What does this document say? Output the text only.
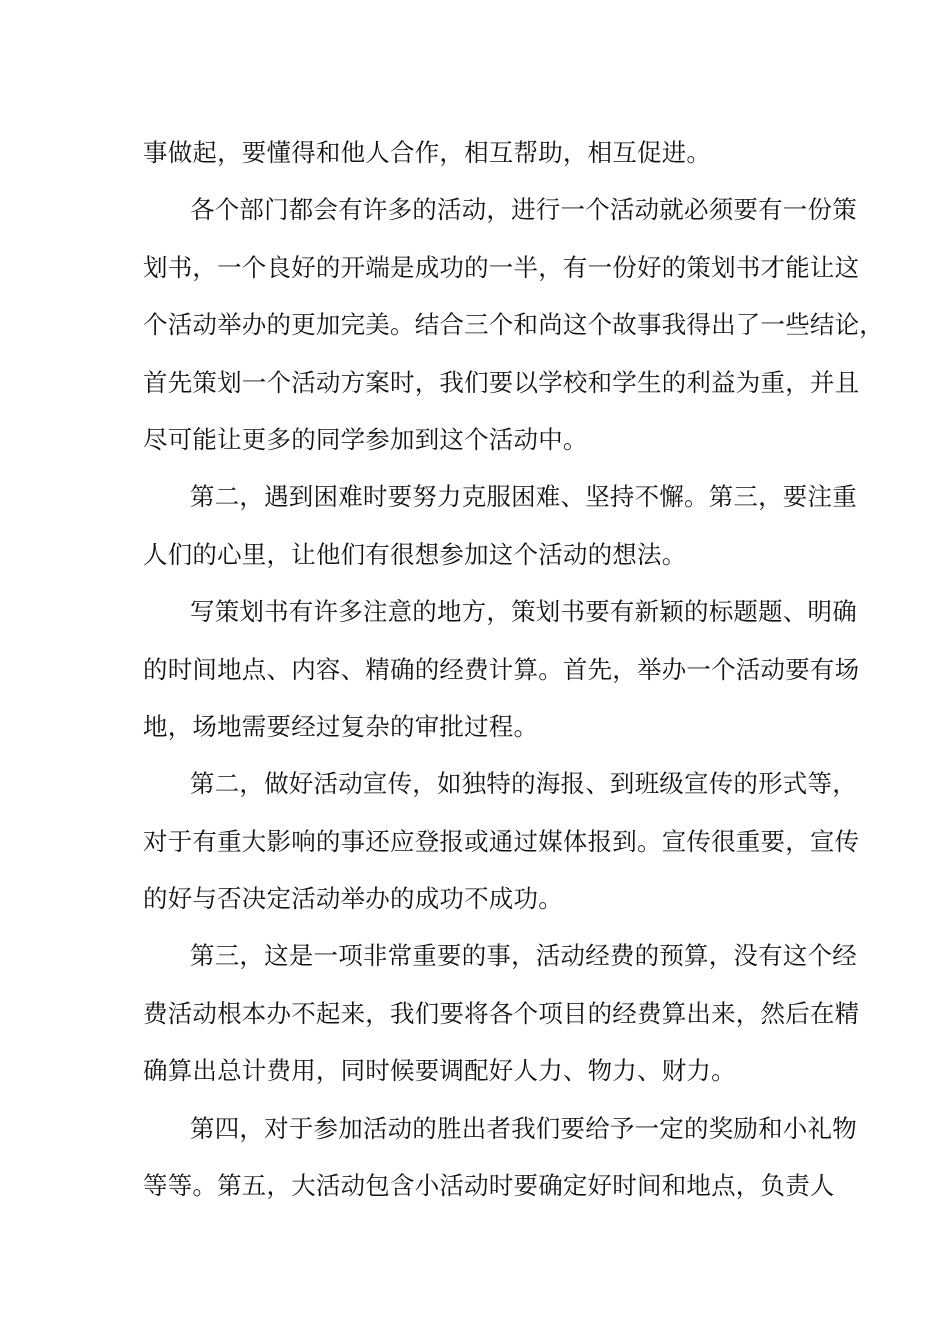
事做起，要懂得和他人合作，相互帮助，相互促进。
各个部门都会有许多的活动，进行一个活动就必须要有一份策
划书，一个良好的开端是成功的一半，有一份好的策划书才能让这
个活动举办的更加完美。结合三个和尚这个故事我得出了一些结论，
首先策划一个活动方案时，我们要以学校和学生的利益为重，并且
尽可能让更多的同学参加到这个活动中。
第二，遇到困难时要努力克服困难、坚持不懈。第三，要注重
人们的心里，让他们有很想参加这个活动的想法。
写策划书有许多注意的地方，策划书要有新颖的标题题、明确
的时间地点、内容、精确的经费计算。首先，举办一个活动要有场
地，场地需要经过复杂的审批过程。
第二，做好活动宣传，如独特的海报、到班级宣传的形式等，
对于有重大影响的事还应登报或通过媒体报到。宣传很重要，宣传
的好与否决定活动举办的成功不成功。
第三，这是一项非常重要的事，活动经费的预算，没有这个经
费活动根本办不起来，我们要将各个项目的经费算出来，然后在精
确算出总计费用，同时候要调配好人力、物力、财力。
第四，对于参加活动的胜出者我们要给予一定的奖励和小礼物
等等。第五，大活动包含小活动时要确定好时间和地点，负责人
